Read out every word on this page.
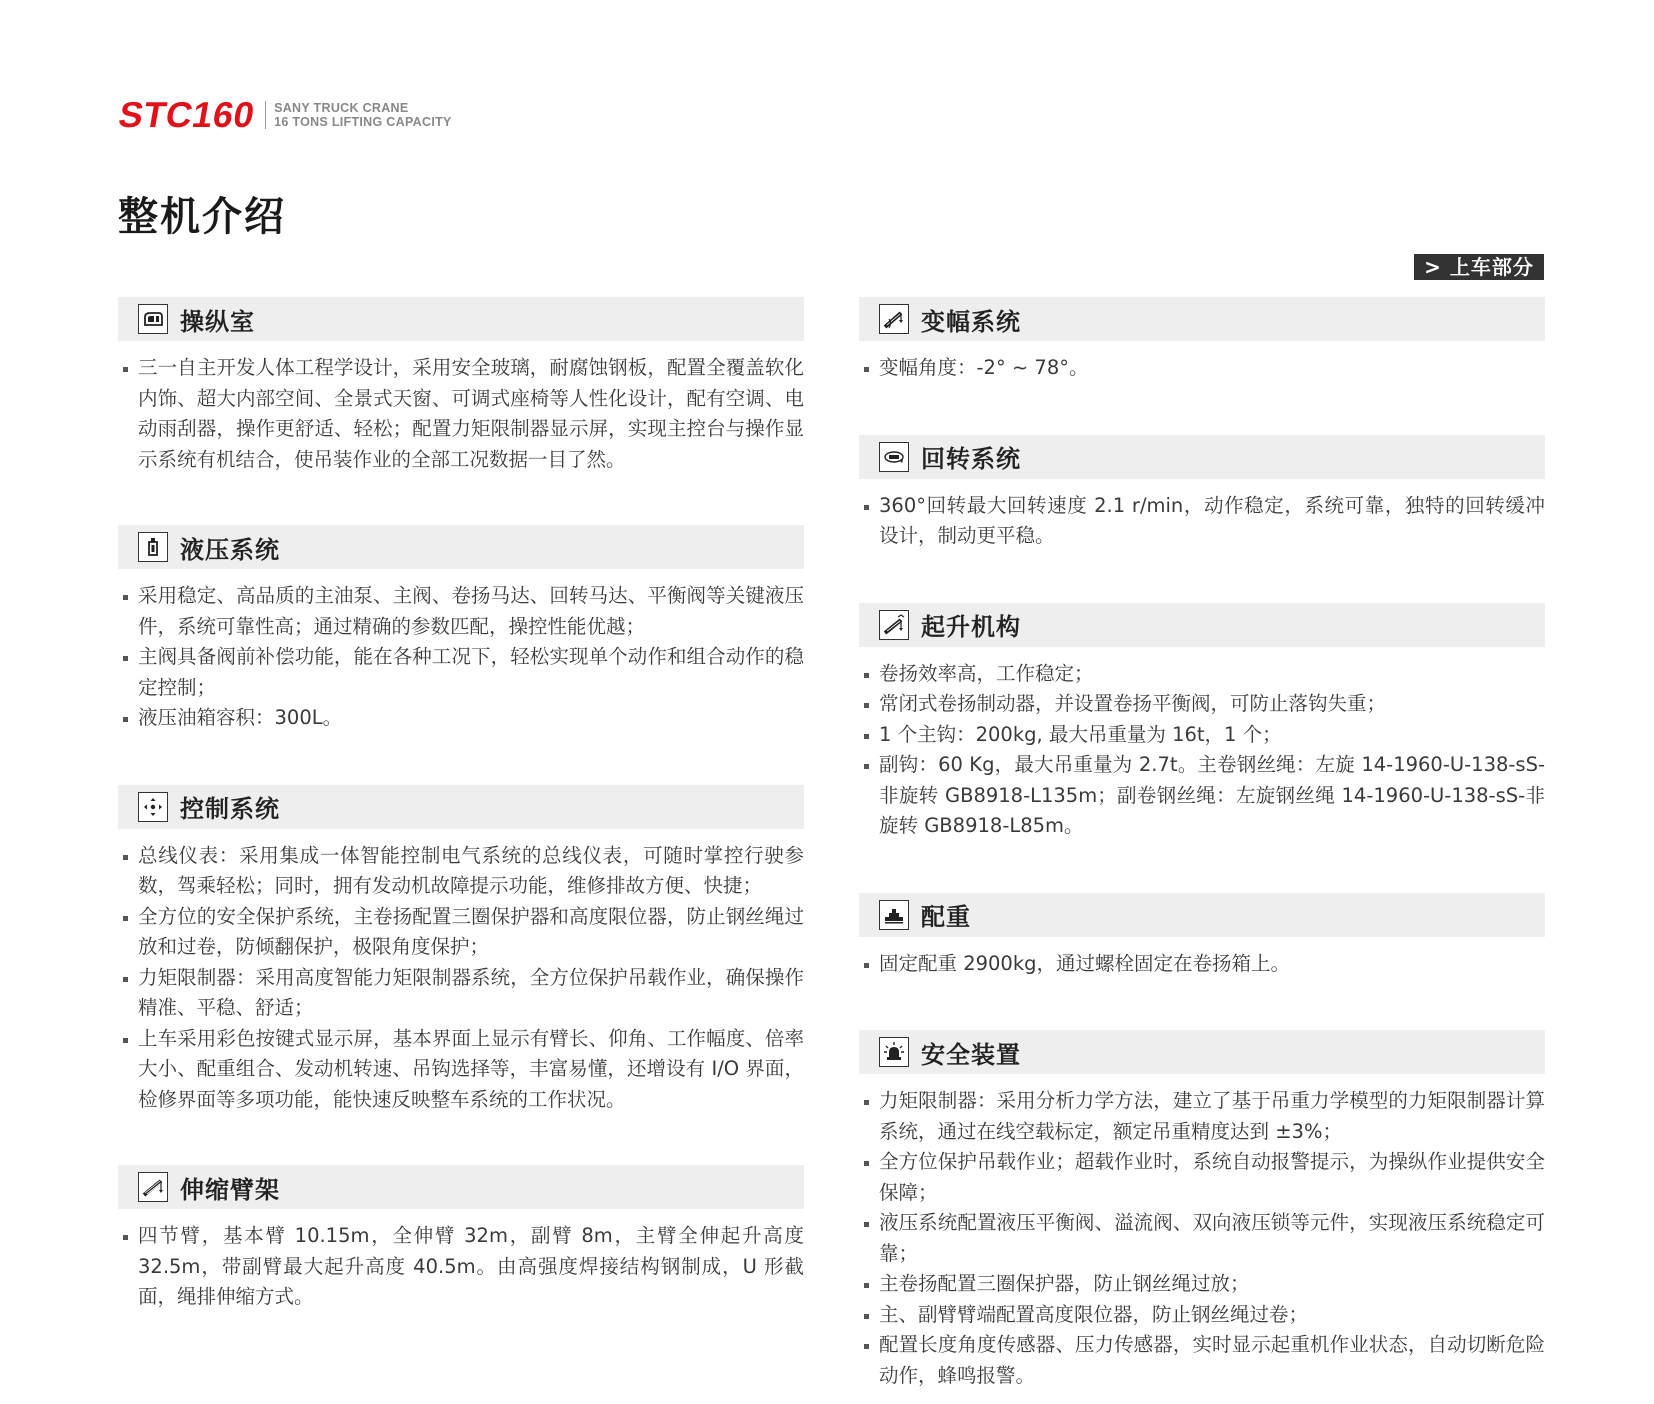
STC160 SANY TRUCK CRANE
16 TONS LIFTING CAPACITY
整机介绍
> 上车部分
操纵室
三一自主开发人体工程学设计，采用安全玻璃，耐腐蚀钢板，配置全覆盖软化内饰、超大内部空间、全景式天窗、可调式座椅等人性化设计，配有空调、电动雨刮器，操作更舒适、轻松；配置力矩限制器显示屏，实现主控台与操作显示系统有机结合，使吊装作业的全部工况数据一目了然。
液压系统
采用稳定、高品质的主油泵、主阀、卷扬马达、回转马达、平衡阀等关键液压件，系统可靠性高；通过精确的参数匹配，操控性能优越；
主阀具备阀前补偿功能，能在各种工况下，轻松实现单个动作和组合动作的稳定控制；
液压油箱容积：300L。
控制系统
总线仪表：采用集成一体智能控制电气系统的总线仪表，可随时掌控行驶参数，驾乘轻松；同时，拥有发动机故障提示功能，维修排故方便、快捷；
全方位的安全保护系统，主卷扬配置三圈保护器和高度限位器，防止钢丝绳过放和过卷，防倾翻保护，极限角度保护；
力矩限制器：采用高度智能力矩限制器系统，全方位保护吊载作业，确保操作精准、平稳、舒适；
上车采用彩色按键式显示屏，基本界面上显示有臂长、仰角、工作幅度、倍率大小、配重组合、发动机转速、吊钩选择等，丰富易懂，还增设有 I/O 界面，检修界面等多项功能，能快速反映整车系统的工作状况。
伸缩臂架
四节臂，基本臂 10.15m，全伸臂 32m，副臂 8m，主臂全伸起升高度 32.5m，带副臂最大起升高度 40.5m。由高强度焊接结构钢制成，U 形截面，绳排伸缩方式。
变幅系统
变幅角度：-2° ~ 78°。
回转系统
360°回转最大回转速度 2.1 r/min，动作稳定，系统可靠，独特的回转缓冲设计，制动更平稳。
起升机构
卷扬效率高，工作稳定；
常闭式卷扬制动器，并设置卷扬平衡阀，可防止落钩失重；
1 个主钩：200kg, 最大吊重量为 16t，1 个；
副钩：60 Kg，最大吊重量为 2.7t。主卷钢丝绳：左旋 14-1960-U-138-sS-非旋转 GB8918-L135m；副卷钢丝绳：左旋钢丝绳 14-1960-U-138-sS-非旋转 GB8918-L85m。
配重
固定配重 2900kg，通过螺栓固定在卷扬箱上。
安全装置
力矩限制器：采用分析力学方法，建立了基于吊重力学模型的力矩限制器计算系统，通过在线空载标定，额定吊重精度达到 ±3%；
全方位保护吊载作业；超载作业时，系统自动报警提示，为操纵作业提供安全保障；
液压系统配置液压平衡阀、溢流阀、双向液压锁等元件，实现液压系统稳定可靠；
主卷扬配置三圈保护器，防止钢丝绳过放；
主、副臂臂端配置高度限位器，防止钢丝绳过卷；
配置长度角度传感器、压力传感器，实时显示起重机作业状态，自动切断危险动作，蜂鸣报警。
